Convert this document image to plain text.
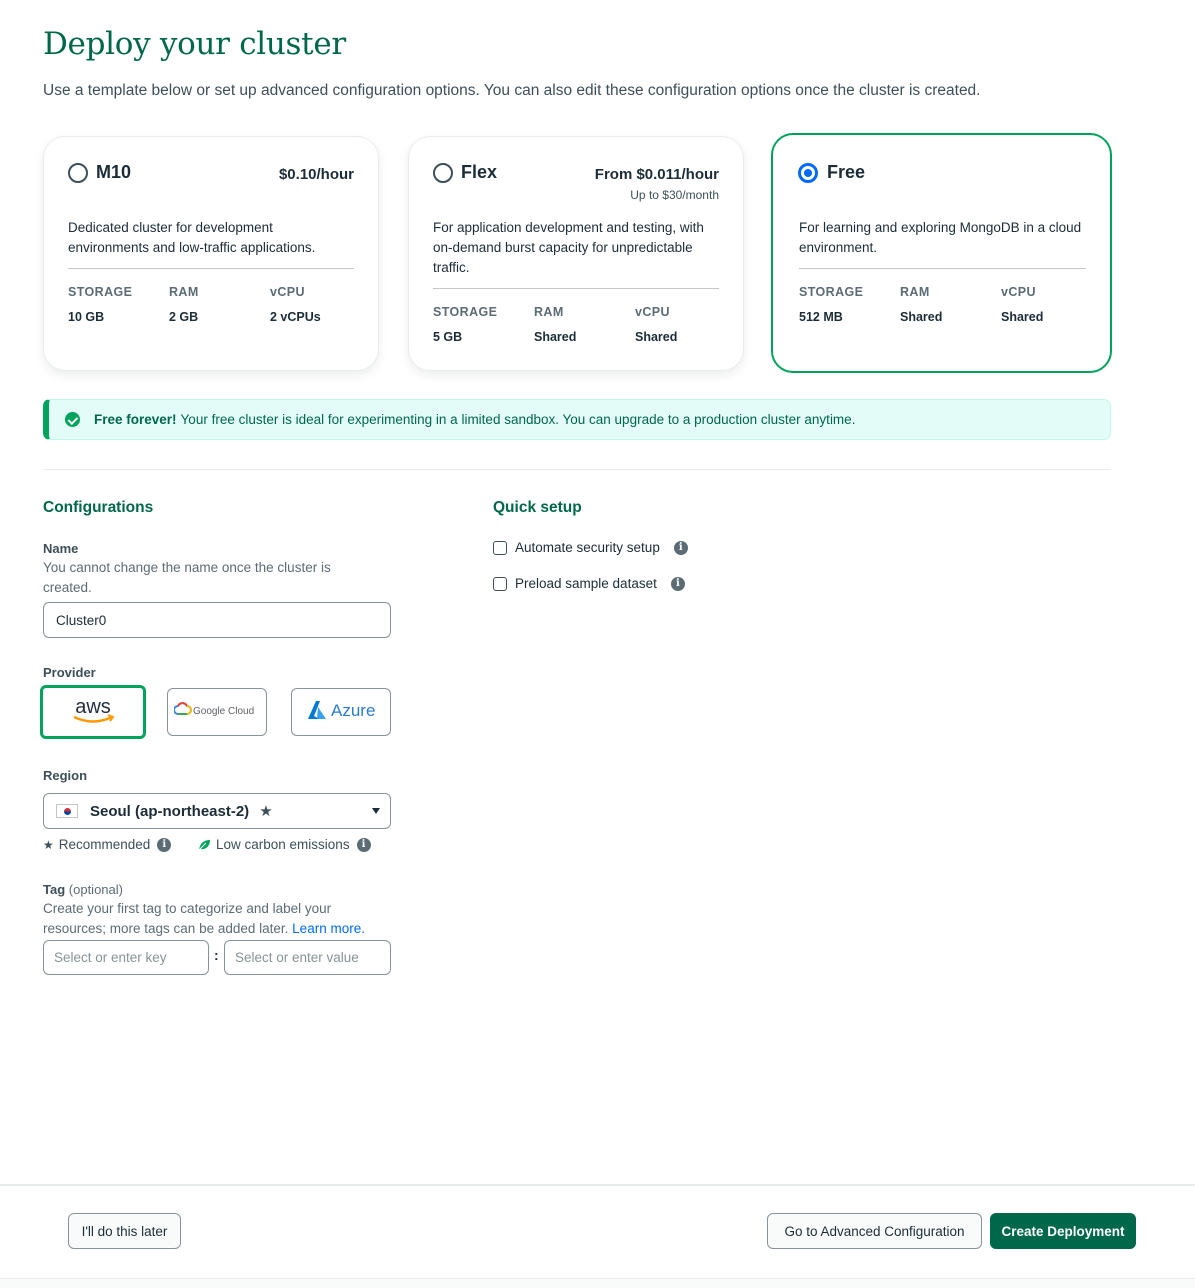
Deploy your cluster

Use a template below or set up advanced configuration options. You can also edit these configuration options once the cluster is created.

M10	$0.10/hour

Dedicated cluster for development environments and low-traffic applications.

STORAGE
10 GB
RAM
2 GB
vCPU
2 vCPUs
Flex	From $0.011/hour
Up to $30/month

For application development and testing, with on-demand burst capacity for unpredictable traffic.

STORAGE
5 GB
RAM
Shared
vCPU
Shared
Free

For learning and exploring MongoDB in a cloud environment.

STORAGE
512 MB
RAM
Shared
vCPU
Shared
Free forever! Your free cluster is ideal for experimenting in a limited sandbox. You can upgrade to a production cluster anytime.
Configurations
Name

You cannot change the name once the cluster is created.

Cluster0
Provider
aws	Google Cloud	Azure
Region
Seoul (ap-northeast-2) ★
★ Recommended	i	Low carbon emissions	i
Tag (optional)

Create your first tag to categorize and label your resources; more tags can be added later. Learn more.

Select or enter key	:	Select or enter value
Quick setup
Automate security setup	i
Preload sample dataset	i
I'll do this later	Go to Advanced Configuration	Create Deployment
